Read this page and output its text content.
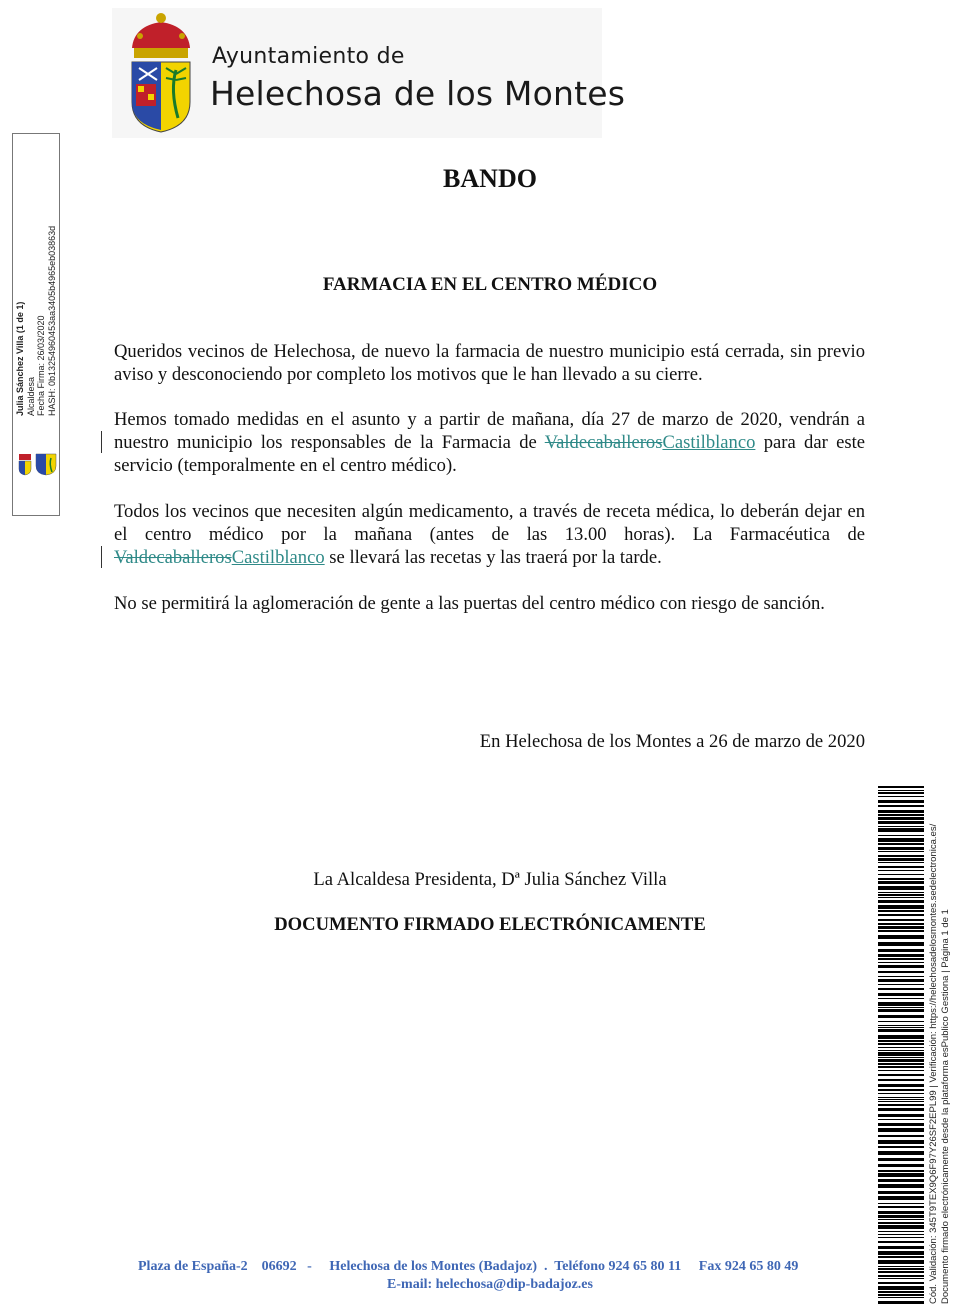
Ayuntamiento de
Helechosa de los Montes
Julia Sánchez Villa (1 de 1) Alcaldesa Fecha Firma: 26/03/2020 HASH: 0b13254960453aa3405b4965eb03863d
BANDO
FARMACIA EN EL CENTRO MÉDICO
Queridos vecinos de Helechosa, de nuevo la farmacia de nuestro municipio está cerrada, sin previo aviso y desconociendo por completo los motivos que le han llevado a su cierre.
Hemos tomado medidas en el asunto y a partir de mañana, día 27 de marzo de 2020, vendrán a nuestro municipio los responsables de la Farmacia de ValdecaballerosCastilblanco para dar este servicio (temporalmente en el centro médico).
Todos los vecinos que necesiten algún medicamento, a través de receta médica, lo deberán dejar en el centro médico por la mañana (antes de las 13.00 horas). La Farmacéutica de ValdecaballerosCastilblanco se llevará las recetas y las traerá por la tarde.
No se permitirá la aglomeración de gente a las puertas del centro médico con riesgo de sanción.
En Helechosa de los Montes a 26 de marzo de 2020
La Alcaldesa Presidenta, Dª Julia Sánchez Villa
DOCUMENTO FIRMADO ELECTRÓNICAMENTE
Plaza de España-2    06692   -     Helechosa de los Montes (Badajoz)  .  Teléfono 924 65 80 11     Fax 924 65 80 49
E-mail: helechosa@dip-badajoz.es	Cód. Validación: 345T9TEX9Q6F97Y26SF2EPL99 | Verificación: https://helechosadelosmontes.sedelectronica.es/ Documento firmado electrónicamente desde la plataforma esPublico Gestiona | Página 1 de 1
